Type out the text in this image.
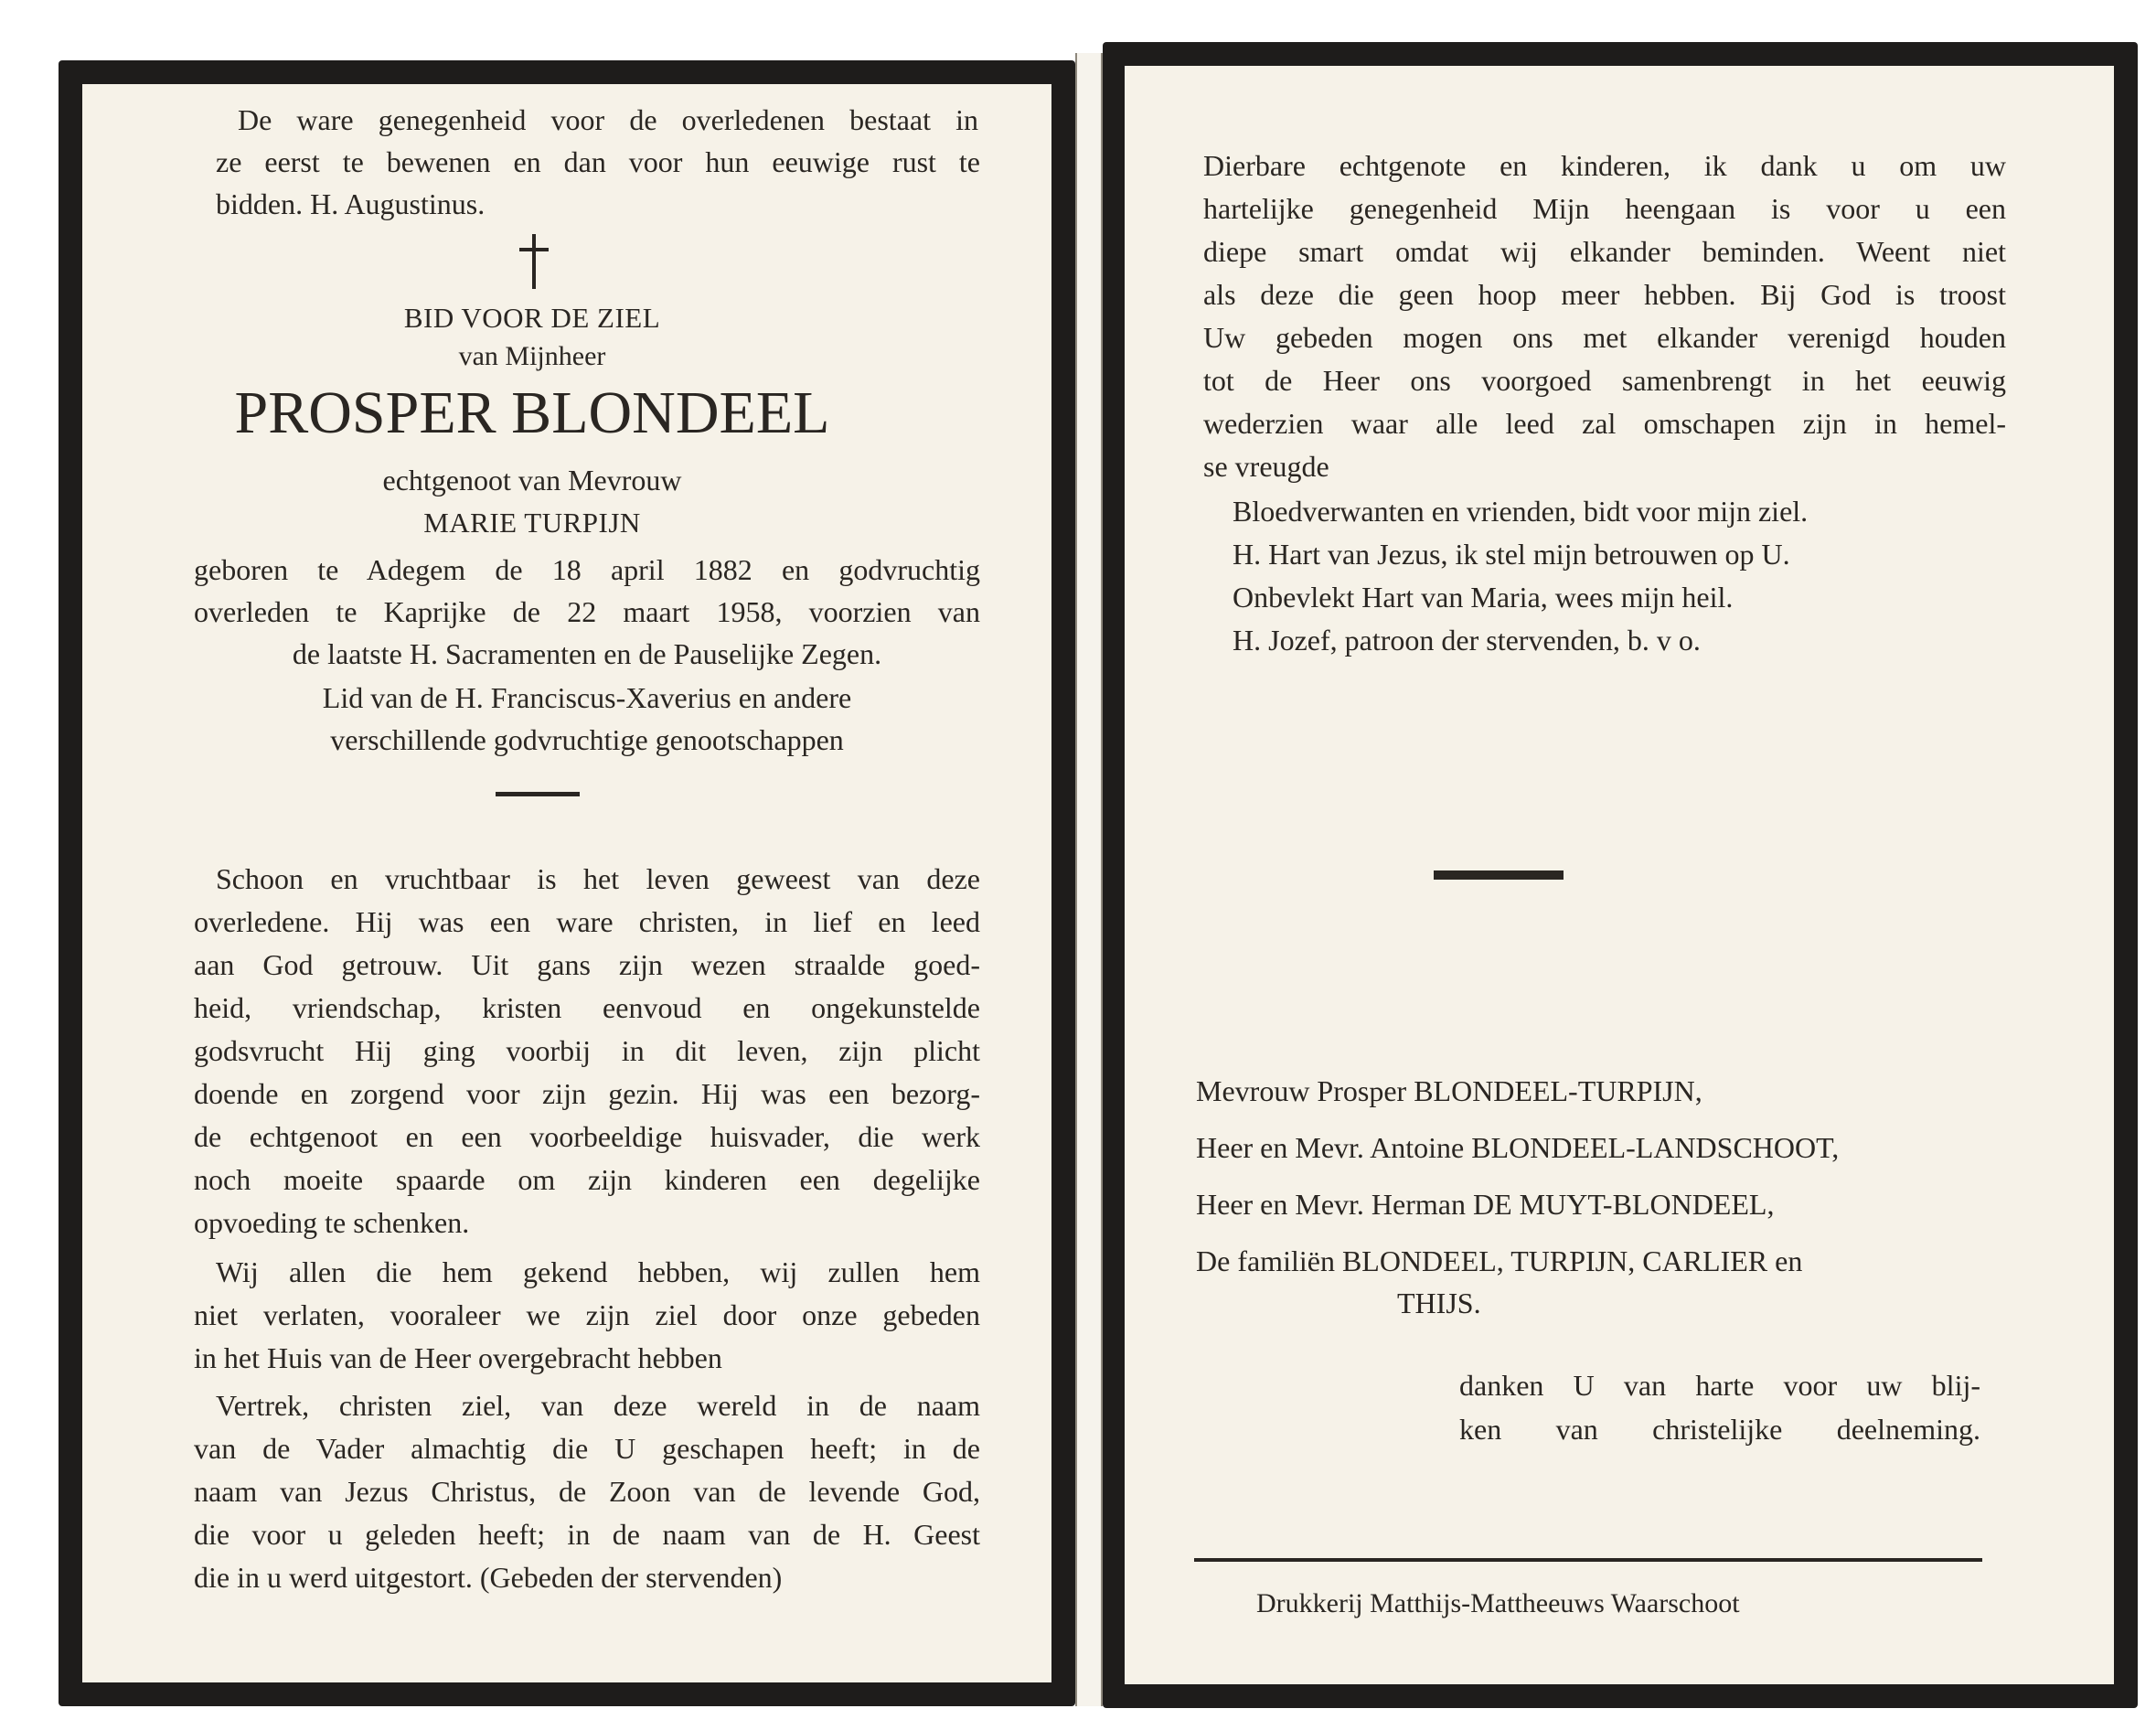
De ware genegenheid voor de overledenen bestaat in
ze eerst te bewenen en dan voor hun eeuwige rust te
bidden. H. Augustinus.
BID VOOR DE ZIEL
van Mijnheer
PROSPER BLONDEEL
echtgenoot van Mevrouw
MARIE TURPIJN
geboren te Adegem de 18 april 1882 en godvruchtig
overleden te Kaprijke de 22 maart 1958, voorzien van
de laatste H. Sacramenten en de Pauselijke Zegen.
Lid van de H. Franciscus-Xaverius en andere
verschillende godvruchtige genootschappen
Schoon en vruchtbaar is het leven geweest van deze
overledene. Hij was een ware christen, in lief en leed
aan God getrouw. Uit gans zijn wezen straalde goed-
heid, vriendschap, kristen eenvoud en ongekunstelde
godsvrucht Hij ging voorbij in dit leven, zijn plicht
doende en zorgend voor zijn gezin. Hij was een bezorg-
de echtgenoot en een voorbeeldige huisvader, die werk
noch moeite spaarde om zijn kinderen een degelijke
opvoeding te schenken.
Wij allen die hem gekend hebben, wij zullen hem
niet verlaten, vooraleer we zijn ziel door onze gebeden
in het Huis van de Heer overgebracht hebben
Vertrek, christen ziel, van deze wereld in de naam
van de Vader almachtig die U geschapen heeft; in de
naam van Jezus Christus, de Zoon van de levende God,
die voor u geleden heeft; in de naam van de H. Geest
die in u werd uitgestort. (Gebeden der stervenden)
Dierbare echtgenote en kinderen, ik dank u om uw
hartelijke genegenheid Mijn heengaan is voor u een
diepe smart omdat wij elkander beminden. Weent niet
als deze die geen hoop meer hebben. Bij God is troost
Uw gebeden mogen ons met elkander verenigd houden
tot de Heer ons voorgoed samenbrengt in het eeuwig
wederzien waar alle leed zal omschapen zijn in hemel-
se vreugde
Bloedverwanten en vrienden, bidt voor mijn ziel.
H. Hart van Jezus, ik stel mijn betrouwen op U.
Onbevlekt Hart van Maria, wees mijn heil.
H. Jozef, patroon der stervenden, b. v o.
Mevrouw Prosper BLONDEEL-TURPIJN,
Heer en Mevr. Antoine BLONDEEL-LANDSCHOOT,
Heer en Mevr. Herman DE MUYT-BLONDEEL,
De familiën BLONDEEL, TURPIJN, CARLIER en
THIJS.
danken U van harte voor uw blij-
ken van christelijke deelneming.
Drukkerij Matthijs-Mattheeuws Waarschoot
